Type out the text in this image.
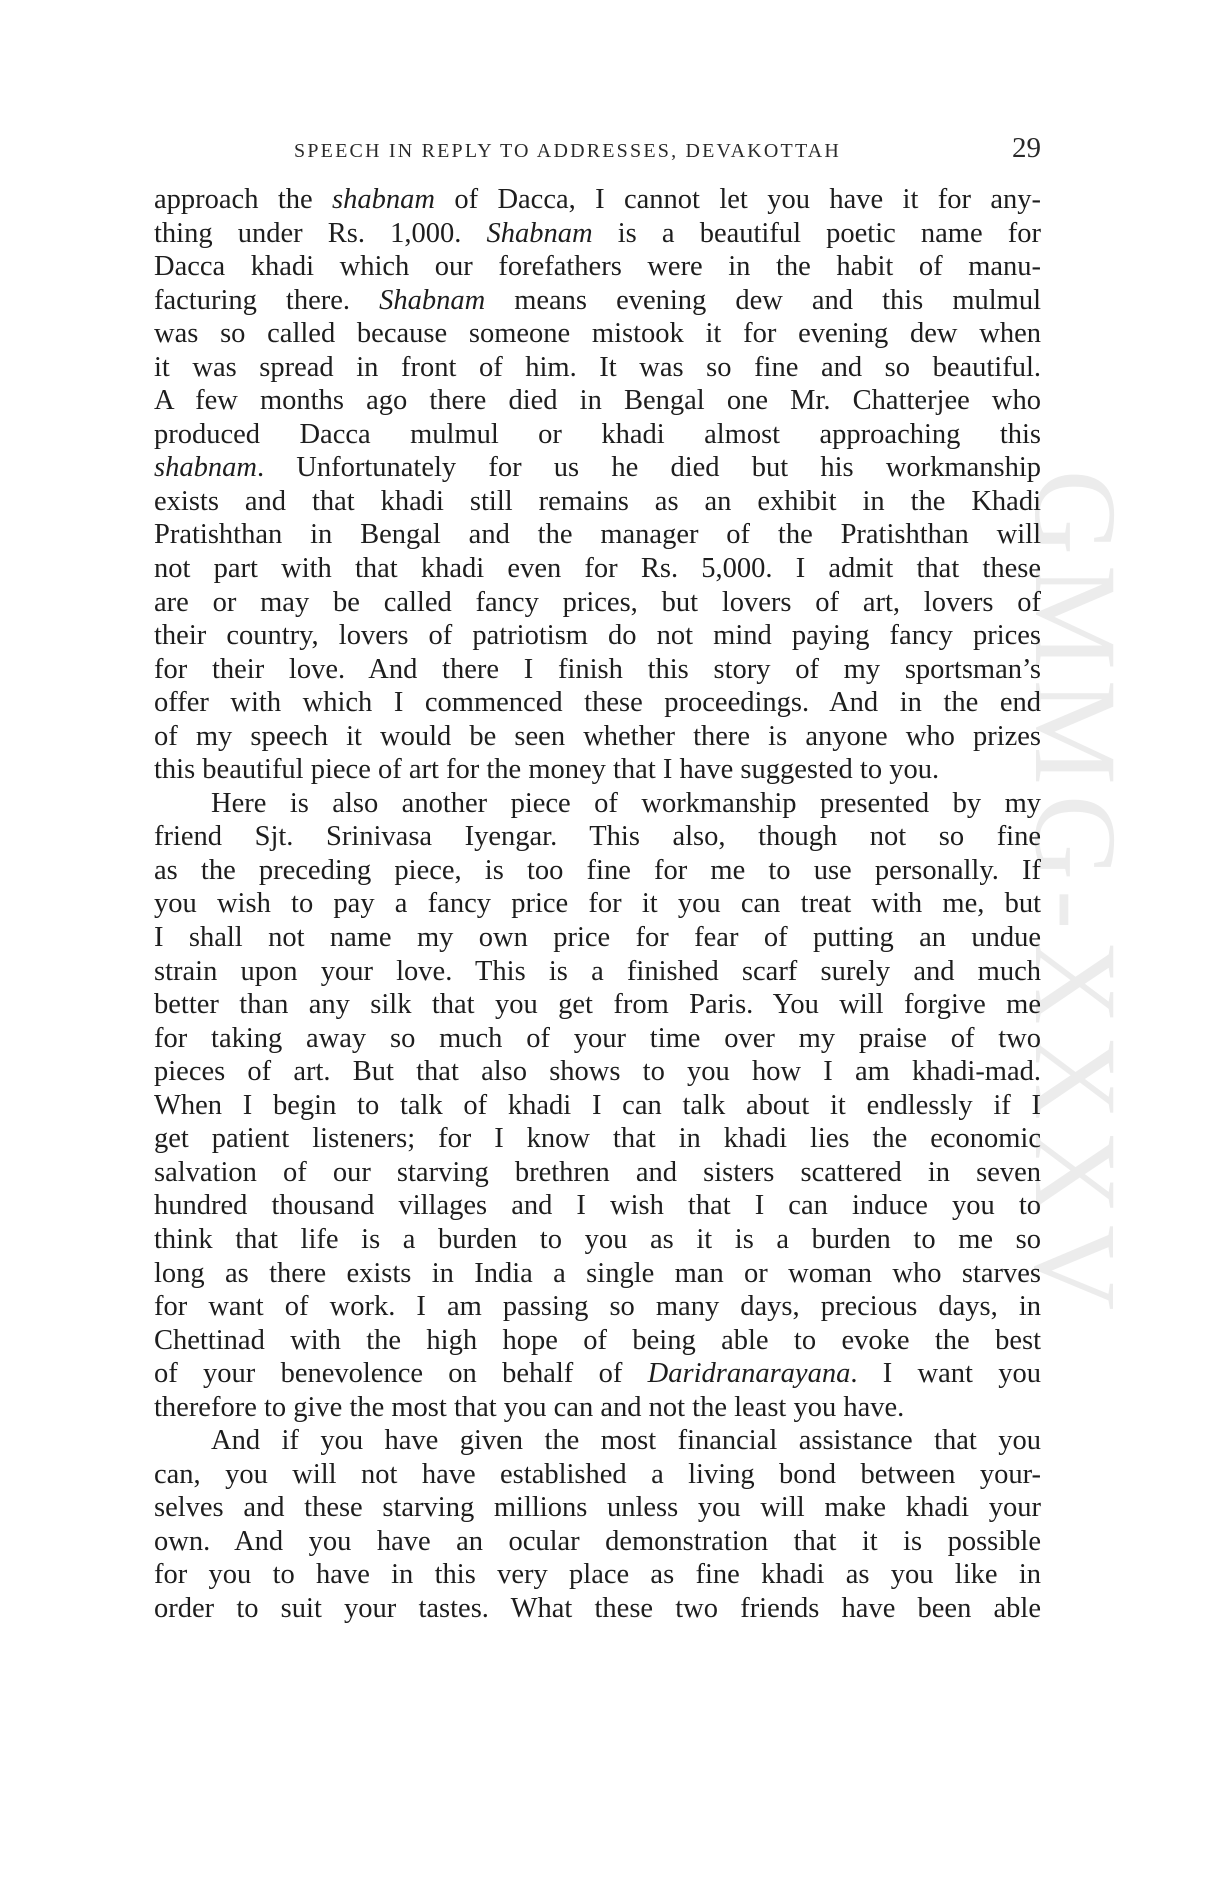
GMMG-XXXV
SPEECH IN REPLY TO ADDRESSES, DEVAKOTTAH	29
approach the shabnam of Dacca, I cannot let you have it for any-
thing under Rs. 1,000. Shabnam is a beautiful poetic name for
Dacca khadi which our forefathers were in the habit of manu-
facturing there. Shabnam means evening dew and this mulmul
was so called because someone mistook it for evening dew when
it was spread in front of him. It was so fine and so beautiful.
A few months ago there died in Bengal one Mr. Chatterjee who
produced Dacca mulmul or khadi almost approaching this
shabnam. Unfortunately for us he died but his workmanship
exists and that khadi still remains as an exhibit in the Khadi
Pratishthan in Bengal and the manager of the Pratishthan will
not part with that khadi even for Rs. 5,000. I admit that these
are or may be called fancy prices, but lovers of art, lovers of
their country, lovers of patriotism do not mind paying fancy prices
for their love. And there I finish this story of my sportsman’s
offer with which I commenced these proceedings. And in the end
of my speech it would be seen whether there is anyone who prizes
this beautiful piece of art for the money that I have suggested to you.
Here is also another piece of workmanship presented by my
friend Sjt. Srinivasa Iyengar. This also, though not so fine
as the preceding piece, is too fine for me to use personally. If
you wish to pay a fancy price for it you can treat with me, but
I shall not name my own price for fear of putting an undue
strain upon your love. This is a finished scarf surely and much
better than any silk that you get from Paris. You will forgive me
for taking away so much of your time over my praise of two
pieces of art. But that also shows to you how I am khadi-mad.
When I begin to talk of khadi I can talk about it endlessly if I
get patient listeners; for I know that in khadi lies the economic
salvation of our starving brethren and sisters scattered in seven
hundred thousand villages and I wish that I can induce you to
think that life is a burden to you as it is a burden to me so
long as there exists in India a single man or woman who starves
for want of work. I am passing so many days, precious days, in
Chettinad with the high hope of being able to evoke the best
of your benevolence on behalf of Daridranarayana. I want you
therefore to give the most that you can and not the least you have.
And if you have given the most financial assistance that you
can, you will not have established a living bond between your-
selves and these starving millions unless you will make khadi your
own. And you have an ocular demonstration that it is possible
for you to have in this very place as fine khadi as you like in
order to suit your tastes. What these two friends have been able
